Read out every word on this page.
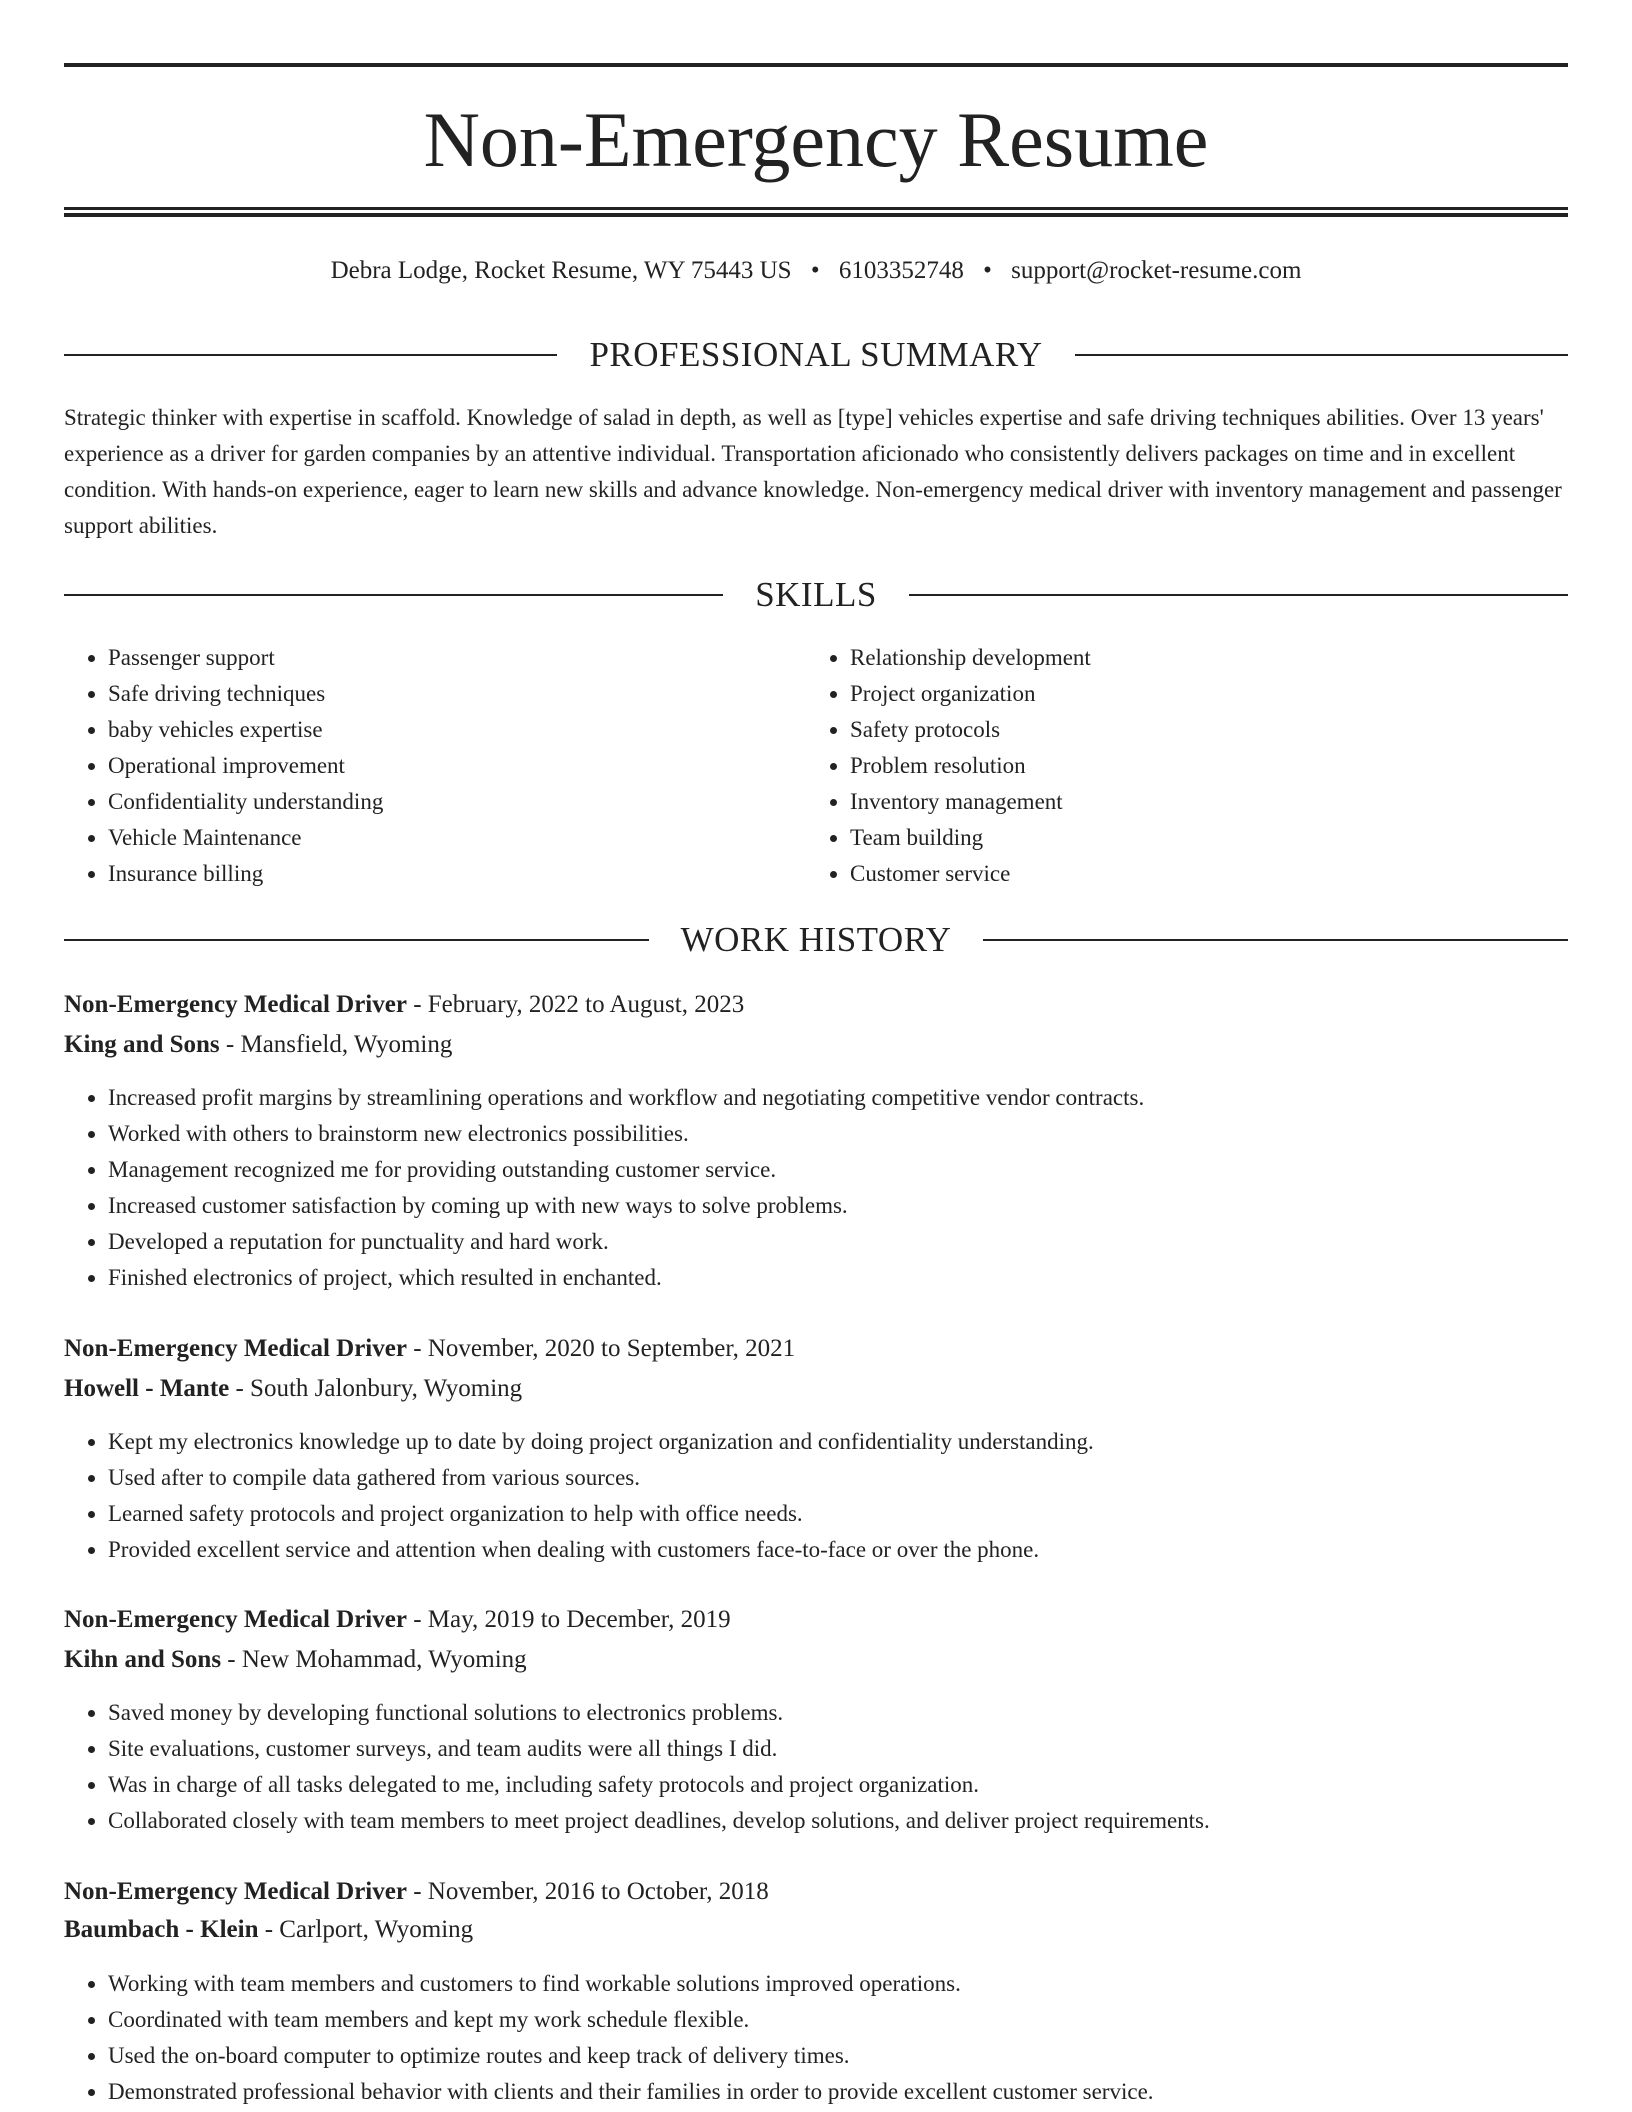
Non-Emergency Resume
Debra Lodge, Rocket Resume, WY 75443 US • 6103352748 • support@rocket-resume.com
PROFESSIONAL SUMMARY

Strategic thinker with expertise in scaffold. Knowledge of salad in depth, as well as [type] vehicles expertise and safe driving techniques abilities. Over 13 years' experience as a driver for garden companies by an attentive individual. Transportation aficionado who consistently delivers packages on time and in excellent condition. With hands-on experience, eager to learn new skills and advance knowledge. Non-emergency medical driver with inventory management and passenger support abilities.

SKILLS
• Passenger support
• Safe driving techniques
• baby vehicles expertise
• Operational improvement
• Confidentiality understanding
• Vehicle Maintenance
• Insurance billing
• Relationship development
• Project organization
• Safety protocols
• Problem resolution
• Inventory management
• Team building
• Customer service
WORK HISTORY
Non-Emergency Medical Driver - February, 2022 to August, 2023
King and Sons - Mansfield, Wyoming
• Increased profit margins by streamlining operations and workflow and negotiating competitive vendor contracts.
• Worked with others to brainstorm new electronics possibilities.
• Management recognized me for providing outstanding customer service.
• Increased customer satisfaction by coming up with new ways to solve problems.
• Developed a reputation for punctuality and hard work.
• Finished electronics of project, which resulted in enchanted.
Non-Emergency Medical Driver - November, 2020 to September, 2021
Howell - Mante - South Jalonbury, Wyoming
• Kept my electronics knowledge up to date by doing project organization and confidentiality understanding.
• Used after to compile data gathered from various sources.
• Learned safety protocols and project organization to help with office needs.
• Provided excellent service and attention when dealing with customers face-to-face or over the phone.
Non-Emergency Medical Driver - May, 2019 to December, 2019
Kihn and Sons - New Mohammad, Wyoming
• Saved money by developing functional solutions to electronics problems.
• Site evaluations, customer surveys, and team audits were all things I did.
• Was in charge of all tasks delegated to me, including safety protocols and project organization.
• Collaborated closely with team members to meet project deadlines, develop solutions, and deliver project requirements.
Non-Emergency Medical Driver - November, 2016 to October, 2018
Baumbach - Klein - Carlport, Wyoming
• Working with team members and customers to find workable solutions improved operations.
• Coordinated with team members and kept my work schedule flexible.
• Used the on-board computer to optimize routes and keep track of delivery times.
• Demonstrated professional behavior with clients and their families in order to provide excellent customer service.
